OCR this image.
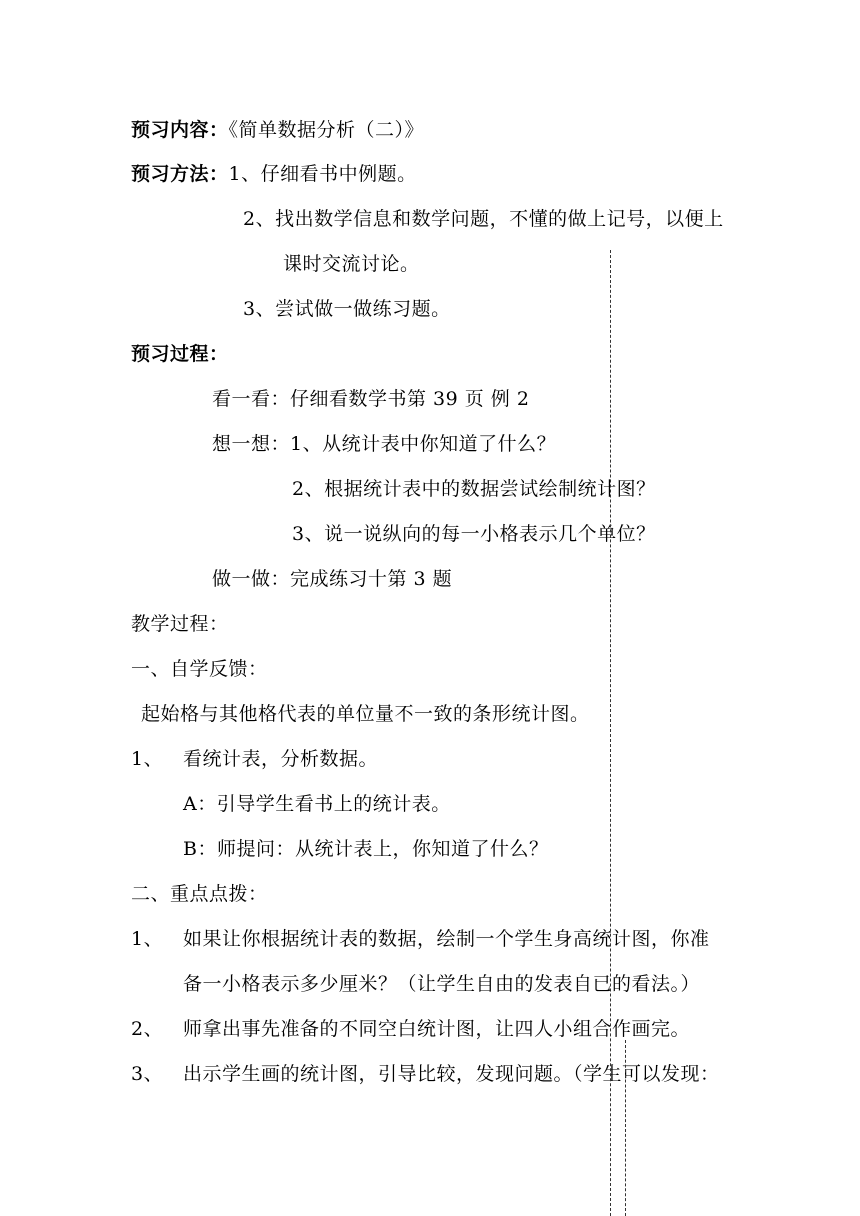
预习内容：《简单数据分析（二）》
预习方法：1、仔细看书中例题。
2、找出数学信息和数学问题，不懂的做上记号，以便上
课时交流讨论。
3、尝试做一做练习题。
预习过程：
看一看：仔细看数学书第 39 页 例 2
想一想：1、从统计表中你知道了什么？
2、根据统计表中的数据尝试绘制统计图？
3、说一说纵向的每一小格表示几个单位？
做一做：完成练习十第 3 题
教学过程：
一、自学反馈：
起始格与其他格代表的单位量不一致的条形统计图。
1、 看统计表，分析数据。
A：引导学生看书上的统计表。
B：师提问：从统计表上，你知道了什么？
二、重点点拨：
1、 如果让你根据统计表的数据，绘制一个学生身高统计图，你准
备一小格表示多少厘米？（让学生自由的发表自已的看法。）
2、 师拿出事先准备的不同空白统计图，让四人小组合作画完。
3、 出示学生画的统计图，引导比较，发现问题。（学生可以发现：
